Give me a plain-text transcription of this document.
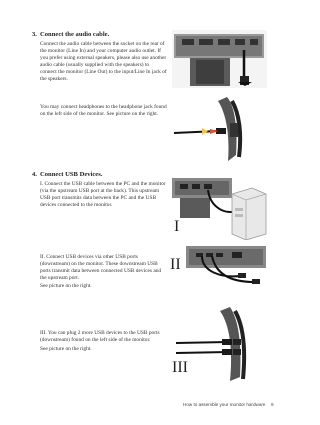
3. Connect the audio cable.
Connect the audio cable between the socket on the rear of the monitor (Line In) and your computer audio outlet. If you prefer using external speakers, please also use another audio cable (usually supplied with the speakers) to connect the monitor (Line Out) to the input/Line In jack of the speakers.
You may connect headphones to the headphone jack found on the left side of the monitor. See picture on the right.
4. Connect USB Devices.
I. Connect the USB cable between the PC and the monitor (via the upstream USB port at the back). This upstream USB port transmits data between the PC and the USB devices connected to the monitor.
I
II. Connect USB devices via other USB ports (downstream) on the monitor. These downstream USB ports transmit data between connected USB devices and the upstream port.
See picture on the right.
II
III. You can plug 2 more USB devices to the USB ports (downstream) found on the left side of the monitor.
See picture on the right.
III
How to assemble your monitor hardware 9
